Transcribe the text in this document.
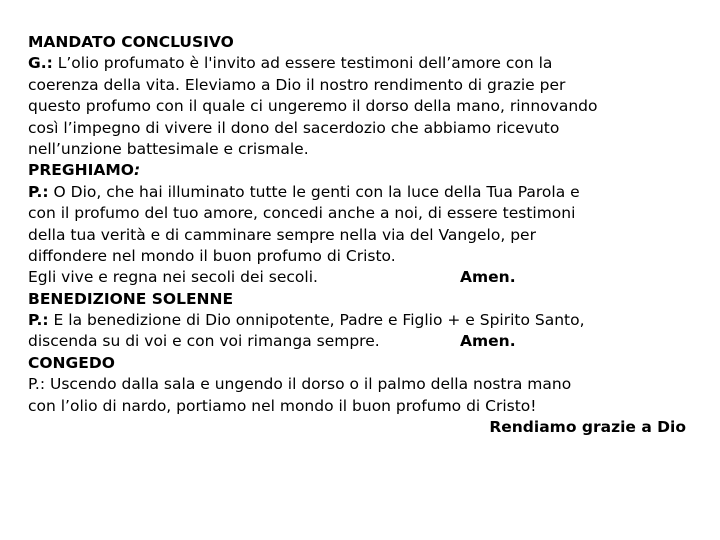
MANDATO CONCLUSIVO
G.: L’olio profumato è l'invito ad essere testimoni dell’amore con la
coerenza della vita. Eleviamo a Dio il nostro rendimento di grazie per
questo profumo con il quale ci ungeremo il dorso della mano, rinnovando
così l’impegno di vivere il dono del sacerdozio che abbiamo ricevuto
nell’unzione battesimale e crismale.
PREGHIAMO:
P.: O Dio, che hai illuminato tutte le genti con la luce della Tua Parola e
con il profumo del tuo amore, concedi anche a noi, di essere testimoni
della tua verità e di camminare sempre nella via del Vangelo, per
diffondere nel mondo il buon profumo di Cristo.
Egli vive e regna nei secoli dei secoli.	Amen.
BENEDIZIONE SOLENNE
P.: E la benedizione di Dio onnipotente, Padre e Figlio + e Spirito Santo,
discenda su di voi e con voi rimanga sempre.	Amen.
CONGEDO
P.: Uscendo dalla sala e ungendo il dorso o il palmo della nostra mano
con l’olio di nardo, portiamo nel mondo il buon profumo di Cristo!
Rendiamo grazie a Dio
